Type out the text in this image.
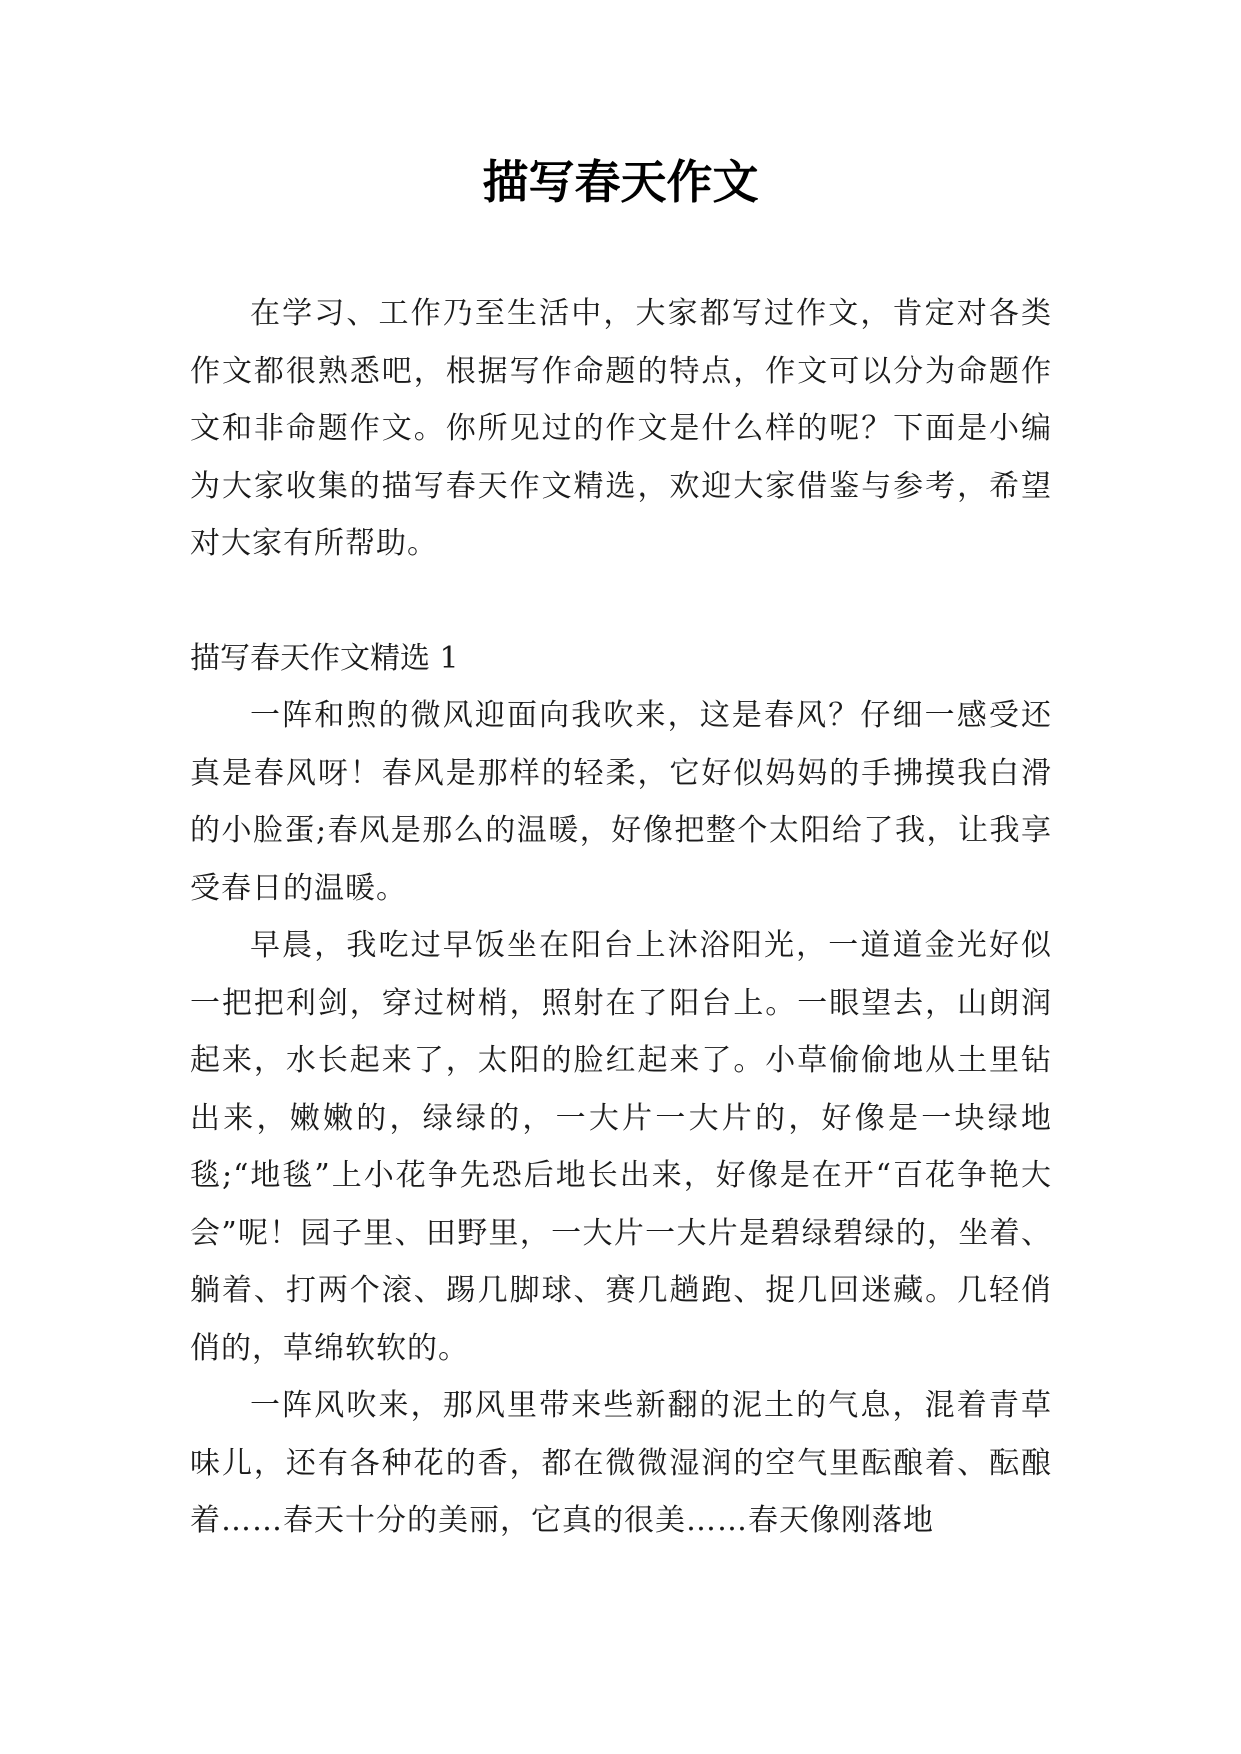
描写春天作文

在学习、工作乃至生活中，大家都写过作文，肯定对各类作文都很熟悉吧，根据写作命题的特点，作文可以分为命题作文和非命题作文。你所见过的作文是什么样的呢？下面是小编为大家收集的描写春天作文精选，欢迎大家借鉴与参考，希望对大家有所帮助。

描写春天作文精选 1

一阵和煦的微风迎面向我吹来，这是春风？仔细一感受还真是春风呀！春风是那样的轻柔，它好似妈妈的手拂摸我白滑的小脸蛋;春风是那么的温暖，好像把整个太阳给了我，让我享受春日的温暖。

早晨，我吃过早饭坐在阳台上沐浴阳光，一道道金光好似一把把利剑，穿过树梢，照射在了阳台上。一眼望去，山朗润起来，水长起来了，太阳的脸红起来了。小草偷偷地从土里钻出来，嫩嫩的，绿绿的，一大片一大片的，好像是一块绿地毯;“地毯”上小花争先恐后地长出来，好像是在开“百花争艳大会”呢！园子里、田野里，一大片一大片是碧绿碧绿的，坐着、躺着、打两个滚、踢几脚球、赛几趟跑、捉几回迷藏。几轻俏俏的，草绵软软的。

一阵风吹来，那风里带来些新翻的泥土的气息，混着青草味儿，还有各种花的香，都在微微湿润的空气里酝酿着、酝酿着……春天十分的美丽，它真的很美……春天像刚落地
